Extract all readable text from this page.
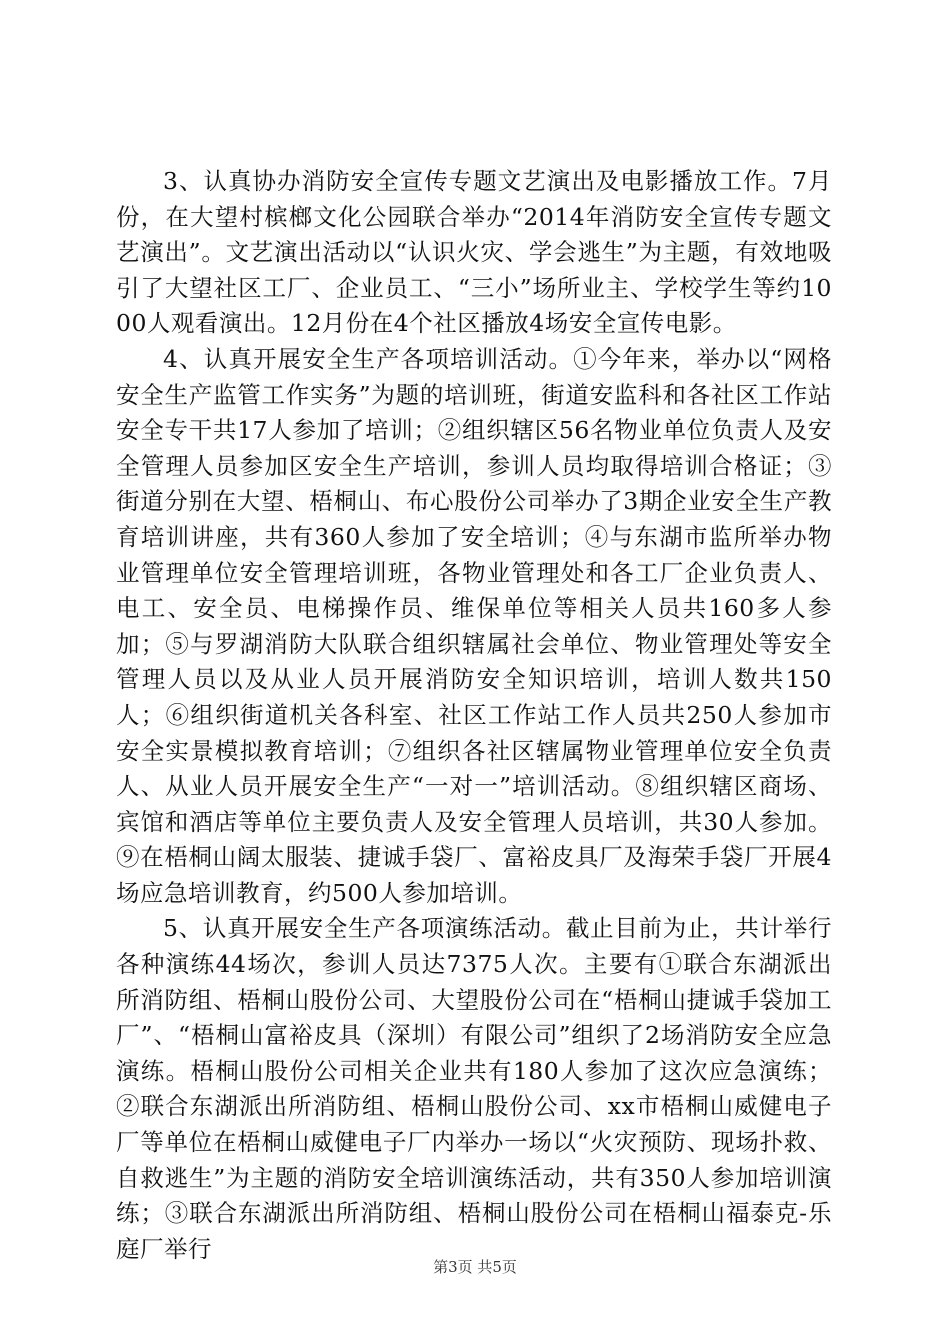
3、认真协办消防安全宣传专题文艺演出及电影播放工作。7月份，在大望村槟榔文化公园联合举办“2014年消防安全宣传专题文艺演出”。文艺演出活动以“认识火灾、学会逃生”为主题，有效地吸引了大望社区工厂、企业员工、“三小”场所业主、学校学生等约1000人观看演出。12月份在4个社区播放4场安全宣传电影。

4、认真开展安全生产各项培训活动。①今年来，举办以“网格安全生产监管工作实务”为题的培训班，街道安监科和各社区工作站安全专干共17人参加了培训；②组织辖区56名物业单位负责人及安全管理人员参加区安全生产培训，参训人员均取得培训合格证；③街道分别在大望、梧桐山、布心股份公司举办了3期企业安全生产教育培训讲座，共有360人参加了安全培训；④与东湖市监所举办物业管理单位安全管理培训班，各物业管理处和各工厂企业负责人、电工、安全员、电梯操作员、维保单位等相关人员共160多人参加；⑤与罗湖消防大队联合组织辖属社会单位、物业管理处等安全管理人员以及从业人员开展消防安全知识培训，培训人数共150人；⑥组织街道机关各科室、社区工作站工作人员共250人参加市安全实景模拟教育培训；⑦组织各社区辖属物业管理单位安全负责人、从业人员开展安全生产“一对一”培训活动。⑧组织辖区商场、宾馆和酒店等单位主要负责人及安全管理人员培训，共30人参加。⑨在梧桐山阔太服装、捷诚手袋厂、富裕皮具厂及海荣手袋厂开展4场应急培训教育，约500人参加培训。

5、认真开展安全生产各项演练活动。截止目前为止，共计举行各种演练44场次，参训人员达7375人次。主要有①联合东湖派出所消防组、梧桐山股份公司、大望股份公司在“梧桐山捷诚手袋加工厂”、“梧桐山富裕皮具（深圳）有限公司”组织了2场消防安全应急演练。梧桐山股份公司相关企业共有180人参加了这次应急演练；②联合东湖派出所消防组、梧桐山股份公司、xx市梧桐山威健电子厂等单位在梧桐山威健电子厂内举办一场以“火灾预防、现场扑救、自救逃生”为主题的消防安全培训演练活动，共有350人参加培训演练；③联合东湖派出所消防组、梧桐山股份公司在梧桐山福泰克-乐庭厂举行

第3页 共5页
